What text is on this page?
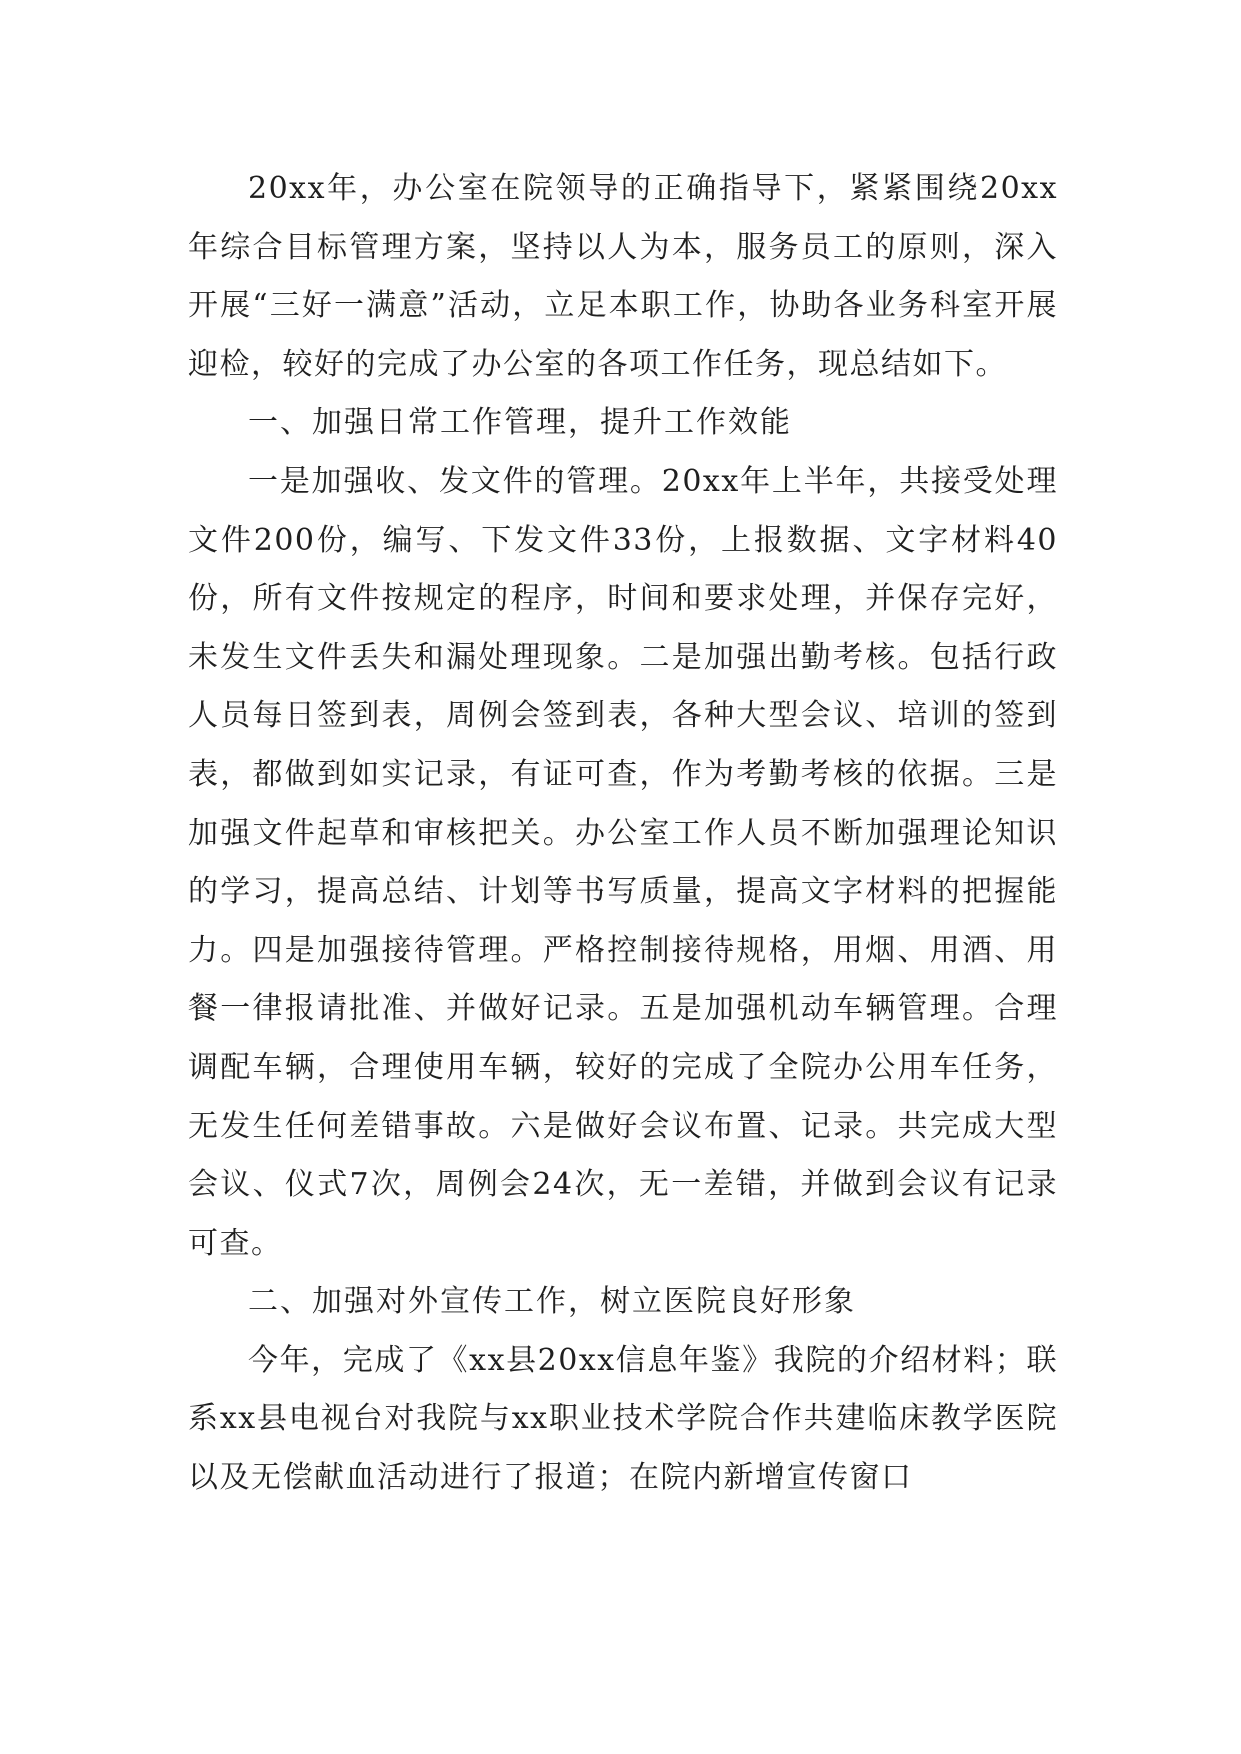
20xx年，办公室在院领导的正确指导下，紧紧围绕20xx年综合目标管理方案，坚持以人为本，服务员工的原则，深入开展“三好一满意”活动，立足本职工作，协助各业务科室开展迎检，较好的完成了办公室的各项工作任务，现总结如下。

一、加强日常工作管理，提升工作效能

一是加强收、发文件的管理。20xx年上半年，共接受处理文件200份，编写、下发文件33份，上报数据、文字材料40份，所有文件按规定的程序，时间和要求处理，并保存完好，未发生文件丢失和漏处理现象。二是加强出勤考核。包括行政人员每日签到表，周例会签到表，各种大型会议、培训的签到表，都做到如实记录，有证可查，作为考勤考核的依据。三是加强文件起草和审核把关。办公室工作人员不断加强理论知识的学习，提高总结、计划等书写质量，提高文字材料的把握能力。四是加强接待管理。严格控制接待规格，用烟、用酒、用餐一律报请批准、并做好记录。五是加强机动车辆管理。合理调配车辆，合理使用车辆，较好的完成了全院办公用车任务，无发生任何差错事故。六是做好会议布置、记录。共完成大型会议、仪式7次，周例会24次，无一差错，并做到会议有记录可查。

二、加强对外宣传工作，树立医院良好形象

今年，完成了《xx县20xx信息年鉴》我院的介绍材料；联系xx县电视台对我院与xx职业技术学院合作共建临床教学医院以及无偿献血活动进行了报道；在院内新增宣传窗口
